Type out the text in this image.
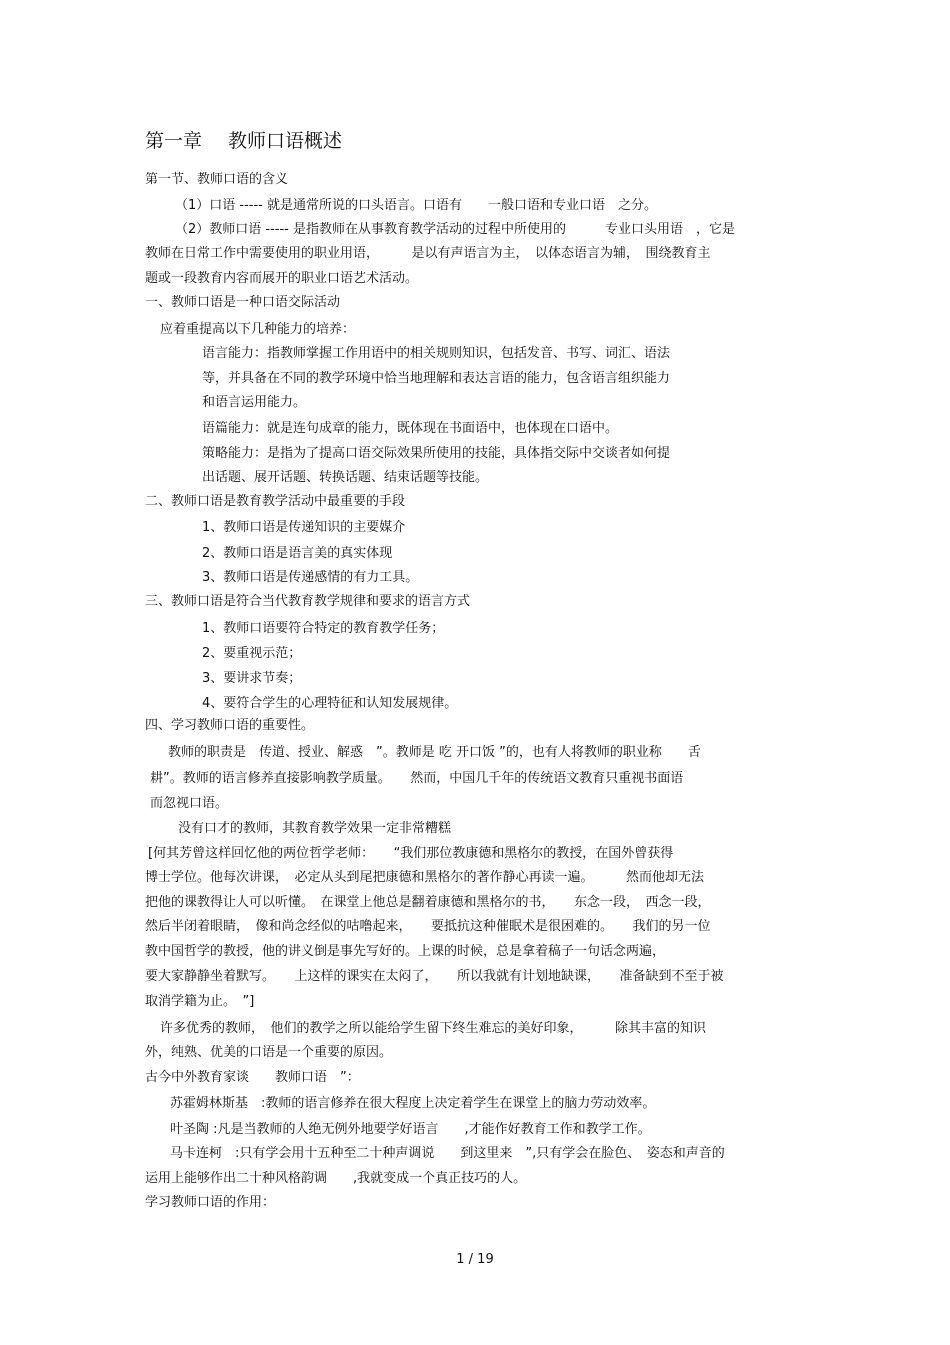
第一章 教师口语概述
第一节、教师口语的含义
（1）口语 ----- 就是通常所说的口头语言。口语有　　一般口语和专业口语　之分。
（2）教师口语 ----- 是指教师在从事教育教学活动的过程中所使用的　　　专业口头用语　，它是
教师在日常工作中需要使用的职业用语，　　　是以有声语言为主，　以体态语言为辅，　围绕教育主
题或一段教育内容而展开的职业口语艺术活动。
一、教师口语是一种口语交际活动
应着重提高以下几种能力的培养：
语言能力：指教师掌握工作用语中的相关规则知识，包括发音、书写、词汇、语法
等，并具备在不同的教学环境中恰当地理解和表达言语的能力，包含语言组织能力
和语言运用能力。
语篇能力：就是连句成章的能力，既体现在书面语中，也体现在口语中。
策略能力：是指为了提高口语交际效果所使用的技能，具体指交际中交谈者如何提
出话题、展开话题、转换话题、结束话题等技能。
二、教师口语是教育教学活动中最重要的手段
1、教师口语是传递知识的主要媒介
2、教师口语是语言美的真实体现
3、教师口语是传递感情的有力工具。
三、教师口语是符合当代教育教学规律和要求的语言方式
1、教师口语要符合特定的教育教学任务；
2、要重视示范；
3、要讲求节奏；
4、要符合学生的心理特征和认知发展规律。
四、学习教师口语的重要性。
教师的职责是　传道、授业、解惑　”。教师是 吃 开口饭 ”的，也有人将教师的职业称　　舌
耕”。教师的语言修养直接影响教学质量。　　然而，中国几千年的传统语文教育只重视书面语
而忽视口语。
没有口才的教师，其教育教学效果一定非常糟糕
[何其芳曾这样回忆他的两位哲学老师：　　“我们那位教康德和黑格尔的教授，在国外曾获得
博士学位。他每次讲课，　必定从头到尾把康德和黑格尔的著作静心再读一遍。　　　然而他却无法
把他的课教得让人可以听懂。　在课堂上他总是翻着康德和黑格尔的书，　　东念一段，　西念一段，
然后半闭着眼睛，　像和尚念经似的咕噜起来，　　要抵抗这种催眠术是很困难的。　　我们的另一位
教中国哲学的教授，他的讲义倒是事先写好的。上课的时候，总是拿着稿子一句话念两遍，
要大家静静坐着默写。　　上这样的课实在太闷了，　　所以我就有计划地缺课，　　准备缺到不至于被
取消学籍为止。　”]
许多优秀的教师，　他们的教学之所以能给学生留下终生难忘的美好印象，　　　除其丰富的知识
外，纯熟、优美的口语是一个重要的原因。
古今中外教育家谈　　教师口语　”：
苏霍姆林斯基　:教师的语言修养在很大程度上决定着学生在课堂上的脑力劳动效率。
叶圣陶 :凡是当教师的人绝无例外地要学好语言　　,才能作好教育工作和教学工作。
马卡连柯　:只有学会用十五种至二十种声调说　　到这里来　”,只有学会在脸色、　姿态和声音的
运用上能够作出二十种风格韵调　　,我就变成一个真正技巧的人。
学习教师口语的作用：
1 / 19
